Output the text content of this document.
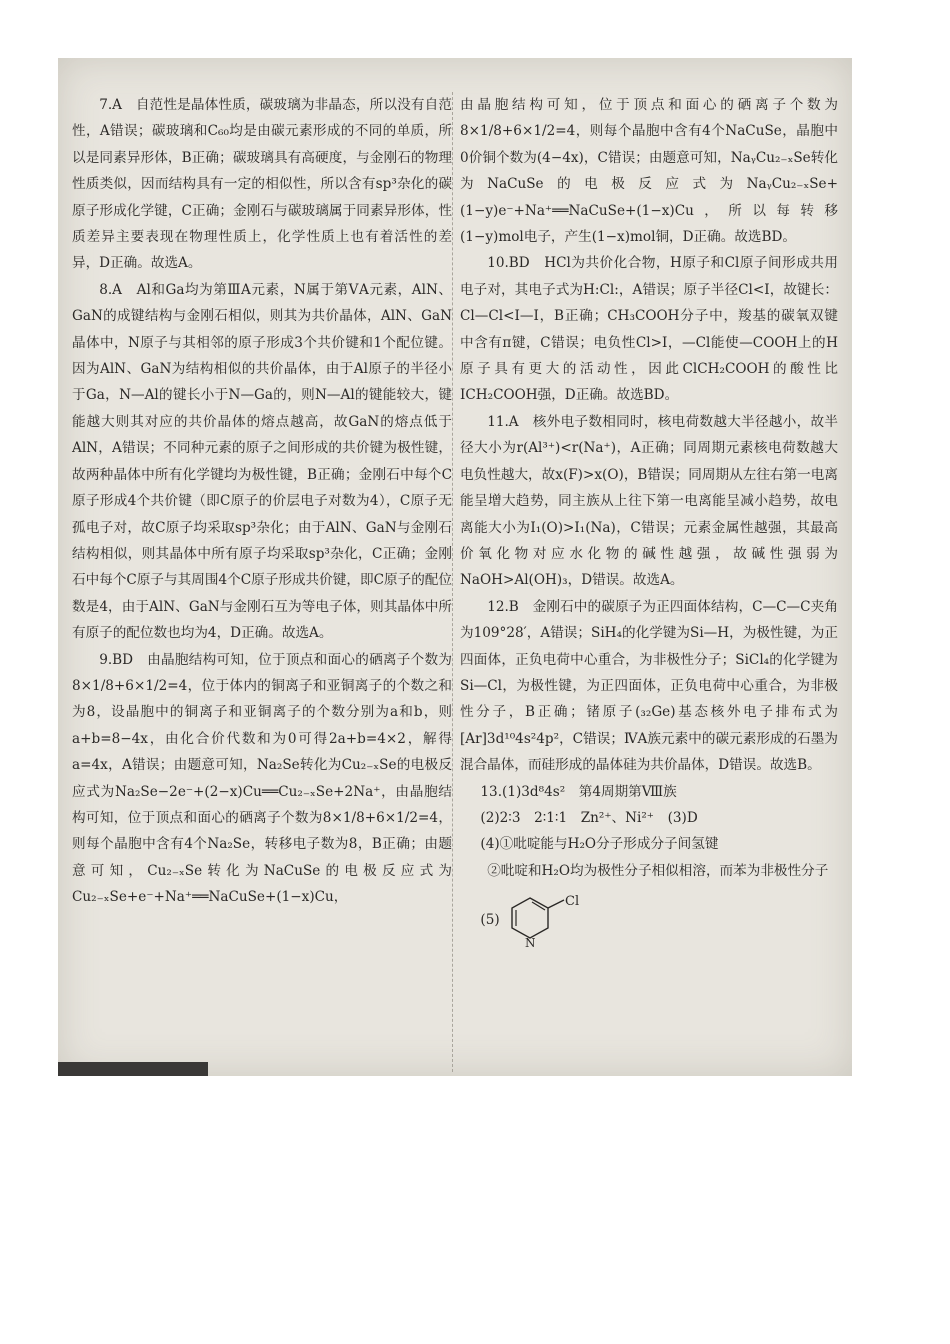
7.A　自范性是晶体性质，碳玻璃为非晶态，所以没有自范性，A错误；碳玻璃和C₆₀均是由碳元素形成的不同的单质，所以是同素异形体，B正确；碳玻璃具有高硬度，与金刚石的物理性质类似，因而结构具有一定的相似性，所以含有sp³杂化的碳原子形成化学键，C正确；金刚石与碳玻璃属于同素异形体，性质差异主要表现在物理性质上，化学性质上也有着活性的差异，D正确。故选A。

8.A　Al和Ga均为第ⅢA元素，N属于第ⅤA元素，AlN、GaN的成键结构与金刚石相似，则其为共价晶体，AlN、GaN晶体中，N原子与其相邻的原子形成3个共价键和1个配位键。因为AlN、GaN为结构相似的共价晶体，由于Al原子的半径小于Ga，N—Al的键长小于N—Ga的，则N—Al的键能较大，键能越大则其对应的共价晶体的熔点越高，故GaN的熔点低于AlN，A错误；不同种元素的原子之间形成的共价键为极性键，故两种晶体中所有化学键均为极性键，B正确；金刚石中每个C原子形成4个共价键（即C原子的价层电子对数为4），C原子无孤电子对，故C原子均采取sp³杂化；由于AlN、GaN与金刚石结构相似，则其晶体中所有原子均采取sp³杂化，C正确；金刚石中每个C原子与其周围4个C原子形成共价键，即C原子的配位数是4，由于AlN、GaN与金刚石互为等电子体，则其晶体中所有原子的配位数也均为4，D正确。故选A。

9.BD　由晶胞结构可知，位于顶点和面心的硒离子个数为8×1/8+6×1/2=4，位于体内的铜离子和亚铜离子的个数之和为8，设晶胞中的铜离子和亚铜离子的个数分别为a和b，则a+b=8−4x，由化合价代数和为0可得2a+b=4×2，解得a=4x，A错误；由题意可知，Na₂Se转化为Cu₂₋ₓSe的电极反应式为Na₂Se−2e⁻+(2−x)Cu══Cu₂₋ₓSe+2Na⁺，由晶胞结构可知，位于顶点和面心的硒离子个数为8×1/8+6×1/2=4，则每个晶胞中含有4个Na₂Se，转移电子数为8，B正确；由题意可知，Cu₂₋ₓSe转化为NaCuSe的电极反应式为Cu₂₋ₓSe+e⁻+Na⁺══NaCuSe+(1−x)Cu，

由晶胞结构可知，位于顶点和面心的硒离子个数为8×1/8+6×1/2=4，则每个晶胞中含有4个NaCuSe，晶胞中0价铜个数为(4−4x)，C错误；由题意可知，NaᵧCu₂₋ₓSe转化为NaCuSe的电极反应式为NaᵧCu₂₋ₓSe+(1−y)e⁻+Na⁺══NaCuSe+(1−x)Cu，所以每转移(1−y)mol电子，产生(1−x)mol铜，D正确。故选BD。

10.BD　HCl为共价化合物，H原子和Cl原子间形成共用电子对，其电子式为H:Cl:，A错误；原子半径Cl<I，故键长：Cl—Cl<I—I，B正确；CH₃COOH分子中，羧基的碳氧双键中含有π键，C错误；电负性Cl>I，—Cl能使—COOH上的H原子具有更大的活动性，因此ClCH₂COOH的酸性比ICH₂COOH强，D正确。故选BD。

11.A　核外电子数相同时，核电荷数越大半径越小，故半径大小为r(Al³⁺)<r(Na⁺)，A正确；同周期元素核电荷数越大电负性越大，故x(F)>x(O)，B错误；同周期从左往右第一电离能呈增大趋势，同主族从上往下第一电离能呈减小趋势，故电离能大小为I₁(O)>I₁(Na)，C错误；元素金属性越强，其最高价氧化物对应水化物的碱性越强，故碱性强弱为NaOH>Al(OH)₃，D错误。故选A。

12.B　金刚石中的碳原子为正四面体结构，C—C—C夹角为109°28′，A错误；SiH₄的化学键为Si—H，为极性键，为正四面体，正负电荷中心重合，为非极性分子；SiCl₄的化学键为Si—Cl，为极性键，为正四面体，正负电荷中心重合，为非极性分子，B正确；锗原子(₃₂Ge)基态核外电子排布式为[Ar]3d¹⁰4s²4p²，C错误；ⅣA族元素中的碳元素形成的石墨为混合晶体，而硅形成的晶体硅为共价晶体，D错误。故选B。

13.(1)3d⁸4s²　第4周期第Ⅷ族

(2)2∶3　2∶1∶1　Zn²⁺、Ni²⁺　(3)D

(4)①吡啶能与H₂O分子形成分子间氢键

②吡啶和H₂O均为极性分子相似相溶，而苯为非极性分子

(5)
Cl
N
